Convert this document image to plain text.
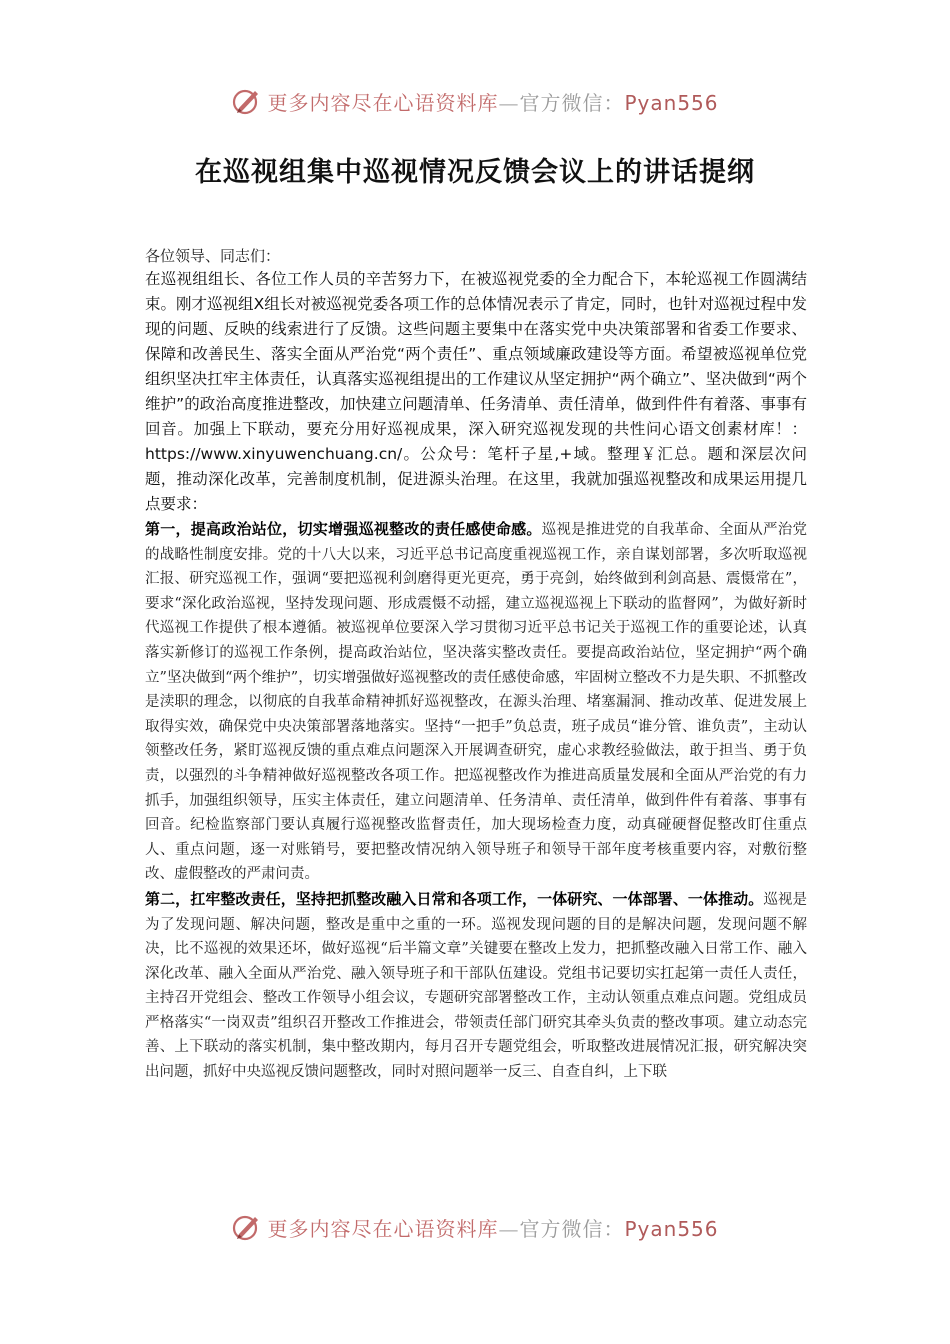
更多内容尽在心语资料库—官方微信：Pyan556
在巡视组集中巡视情况反馈会议上的讲话提纲

各位领导、同志们：

在巡视组组长、各位工作人员的辛苦努力下，在被巡视党委的全力配合下，本轮巡视工作圆满结束。刚才巡视组X组长对被巡视党委各项工作的总体情况表示了肯定，同时，也针对巡视过程中发现的问题、反映的线索进行了反馈。这些问题主要集中在落实党中央决策部署和省委工作要求、保障和改善民生、落实全面从严治党“两个责任”、重点领域廉政建设等方面。希望被巡视单位党组织坚决扛牢主体责任，认真落实巡视组提出的工作建议从坚定拥护“两个确立”、坚决做到“两个维护”的政治高度推进整改，加快建立问题清单、任务清单、责任清单，做到件件有着落、事事有回音。加强上下联动，要充分用好巡视成果，深入研究巡视发现的共性问心语文创素材库！：https://www.xinyuwenchuang.cn/。公众号：笔杆子星,+域。整理￥汇总。题和深层次问题，推动深化改革，完善制度机制，促进源头治理。在这里，我就加强巡视整改和成果运用提几点要求：

第一，提高政治站位，切实增强巡视整改的责任感使命感。巡视是推进党的自我革命、全面从严治党的战略性制度安排。党的十八大以来，习近平总书记高度重视巡视工作，亲自谋划部署，多次听取巡视汇报、研究巡视工作，强调“要把巡视利剑磨得更光更亮，勇于亮剑，始终做到利剑高悬、震慑常在”，要求“深化政治巡视，坚持发现问题、形成震慑不动摇，建立巡视巡视上下联动的监督网”，为做好新时代巡视工作提供了根本遵循。被巡视单位要深入学习贯彻习近平总书记关于巡视工作的重要论述，认真落实新修订的巡视工作条例，提高政治站位，坚决落实整改责任。要提高政治站位，坚定拥护“两个确立”坚决做到“两个维护”，切实增强做好巡视整改的责任感使命感，牢固树立整改不力是失职、不抓整改是渎职的理念，以彻底的自我革命精神抓好巡视整改，在源头治理、堵塞漏洞、推动改革、促进发展上取得实效，确保党中央决策部署落地落实。坚持“一把手”负总责，班子成员“谁分管、谁负责”，主动认领整改任务，紧盯巡视反馈的重点难点问题深入开展调查研究，虚心求教经验做法，敢于担当、勇于负责，以强烈的斗争精神做好巡视整改各项工作。把巡视整改作为推进高质量发展和全面从严治党的有力抓手，加强组织领导，压实主体责任，建立问题清单、任务清单、责任清单，做到件件有着落、事事有回音。纪检监察部门要认真履行巡视整改监督责任，加大现场检查力度，动真碰硬督促整改盯住重点人、重点问题，逐一对账销号，要把整改情况纳入领导班子和领导干部年度考核重要内容，对敷衍整改、虚假整改的严肃问责。

第二，扛牢整改责任，坚持把抓整改融入日常和各项工作，一体研究、一体部署、一体推动。巡视是为了发现问题、解决问题，整改是重中之重的一环。巡视发现问题的目的是解决问题，发现问题不解决，比不巡视的效果还坏，做好巡视“后半篇文章”关键要在整改上发力，把抓整改融入日常工作、融入深化改革、融入全面从严治党、融入领导班子和干部队伍建设。党组书记要切实扛起第一责任人责任，主持召开党组会、整改工作领导小组会议，专题研究部署整改工作，主动认领重点难点问题。党组成员严格落实“一岗双责”组织召开整改工作推进会，带领责任部门研究其牵头负责的整改事项。建立动态完善、上下联动的落实机制，集中整改期内，每月召开专题党组会，听取整改进展情况汇报，研究解决突出问题，抓好中央巡视反馈问题整改，同时对照问题举一反三、自查自纠，上下联

更多内容尽在心语资料库—官方微信：Pyan556
